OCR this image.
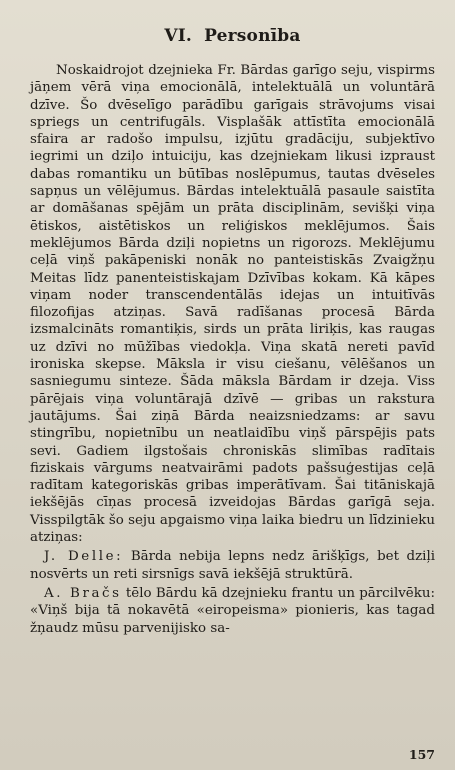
VI. Personība

Noskaidrojot dzejnieka Fr. Bārdas garīgo seju, vispirms jāņem vērā viņa emocionālā, intelektuālā un voluntārā dzīve. Šo dvēselīgo parādību garīgais strāvojums visai spriegs un centrifugāls. Visplašāk attīstīta emocionālā sfaira ar radošo impulsu, izjūtu gradāciju, subjektīvo iegrimi un dziļo intuiciju, kas dzejniekam likusi izpraust dabas romantiku un būtības noslēpumus, tautas dvēseles sapņus un vēlējumus. Bārdas intelektuālā pasaule saistīta ar domāšanas spējām un prāta disciplinām, sevišķi viņa ētiskos, aistētiskos un reliģiskos meklējumos. Šais meklējumos Bārda dziļi nopietns un rigorozs. Meklējumu ceļā viņš pakāpeniski nonāk no panteistiskās Zvaigžņu Meitas līdz panenteistiskajam Dzīvības kokam. Kā kāpes viņam noder transcendentālās idejas un intuitīvās filozofijas atziņas. Savā radīšanas procesā Bārda izsmalcināts romantiķis, sirds un prāta liriķis, kas raugas uz dzīvi no mūžības viedokļa. Viņa skatā nereti pavīd ironiska skepse. Māksla ir visu ciešanu, vēlēšanos un sasniegumu sinteze. Šāda māksla Bārdam ir dzeja. Viss pārējais viņa voluntārajā dzīvē — gribas un rakstura jautājums. Šai ziņā Bārda neaizsniedzams: ar savu stingrību, nopietnību un neatlaidību viņš pārspējis pats sevi. Gadiem ilgstošais chroniskās slimības radītais fiziskais vārgums neatvairāmi padots pašsuģestijas ceļā radītam kategoriskās gribas imperātīvam. Šai titāniskajā iekšējās cīņas procesā izveidojas Bārdas garīgā seja. Visspilgtāk šo seju apgaismo viņa laika biedru un līdzinieku atziņas:

J. Delle: Bārda nebija lepns nedz ārišķīgs, bet dziļi nosvērts un reti sirsnīgs savā iekšējā struktūrā.

A. Bračs tēlo Bārdu kā dzejnieku frantu un pārcilvēku: «Viņš bija tā nokavētā «eiropeisma» pionieris, kas tagad žņaudz mūsu parvenijisko sa-

157
